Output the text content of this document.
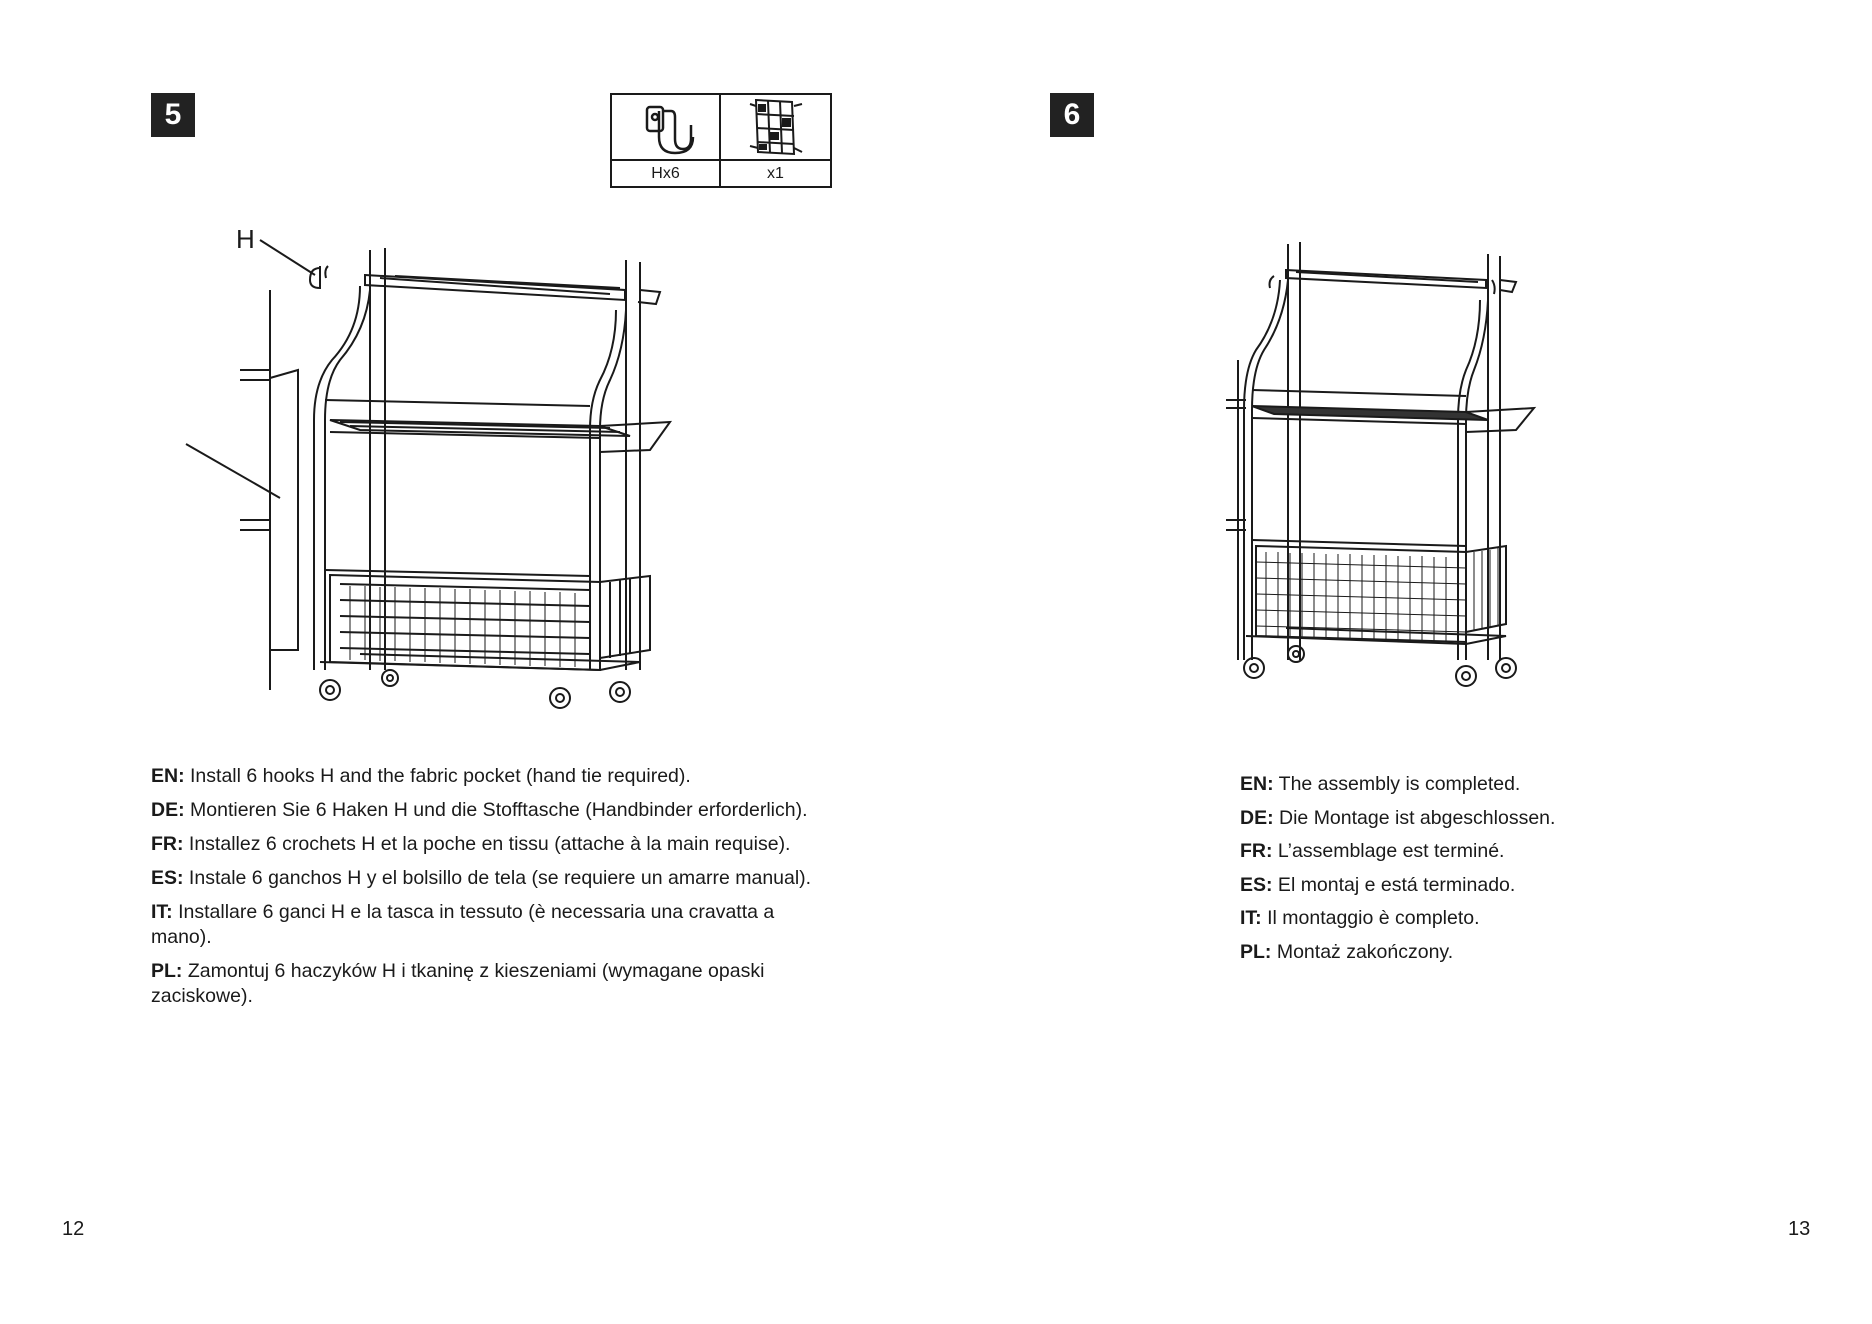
5
Hx6	x1
H

EN: Install 6 hooks H and the fabric pocket (hand tie required).

DE: Montieren Sie 6 Haken H und die Stofftasche (Handbinder erforderlich).

FR: Installez 6 crochets H et la poche en tissu (attache à la main requise).

ES: Instale 6 ganchos H y el bolsillo de tela (se requiere un amarre manual).

IT: Installare 6 ganci H e la tasca in tessuto (è necessaria una cravatta a mano).

PL: Zamontuj 6 haczyków H i tkaninę z kieszeniami (wymagane opaski zaciskowe).

12
6

EN: The assembly is completed.

DE: Die Montage ist abgeschlossen.

FR: L’assemblage est terminé.

ES: El montaj e está terminado.

IT: Il montaggio è completo.

PL: Montaż zakończony.

13
